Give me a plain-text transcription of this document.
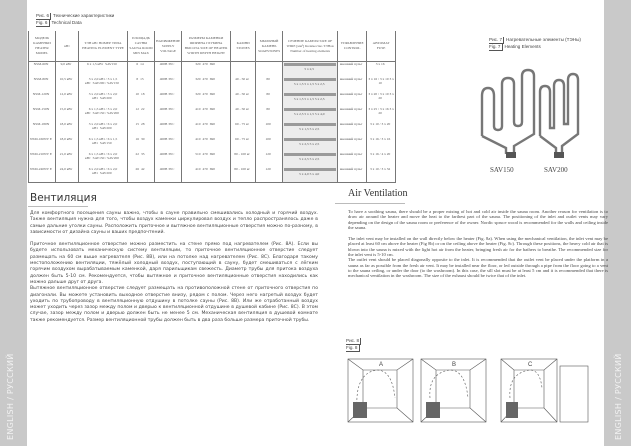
ENGLISH / РУССКИЙ	ENGLISH / РУССКИЙ
Рис. 6 Технические характеристики
Fig. 6 Technical Data
МОДЕЛЬ КАМЕНКИ HEATER MODEL	кВт	ТЭН кВт НОМЕР ТИПА HEATING ELEMENT TYPE	ПЛОЩАДЬ САУНЫ SAUNA ROOM MIN MAX	НАПРЯЖЕНИЕ SUPPLY VOLTAGE	РАЗМЕРЫ КАМЕНКИ ШИРИНА ГЛУБИНА ВЫСОТА SIZE OF HEATER WIDTH DEPTH HEIGHT	КАМНИ STONES	МЫЛЬНЫЙ КАМЕНЬ SOAPSTONES	СЕЧЕНИЕ КАБЕЛЯ SIZE OF WIRE [мм²] Количество ТЭНов Number of heating elements	УПРАВЛЕНИЕ CONTROL	АВТОМАТ FUSE
NSM-60N	9,0 кВт	6 x 1,5 кВт SAV150	6 14	400B 3N~	320 470 690			5 x 2,5	внешний пульт	3 x 16
NSM-80N	10,5 кВт	3 x 2,0 кВт / 3 x 1,5 кВт SAV200 / SAV150	8 15	400B 3N~	320 470 690	40 - 50 кг	80	5 x 1,5 5 x 1,5 5 x 2,5	внешний пульт	3 x 16 / 3 x 10 3 x 10
NSM-120N	12,0 кВт	3 x 2,0 кВт / 3 x 2,0 кВт SAV200	10 18	400B 3N~	320 470 690	40 - 50 кг	80	5 x 1,5 5 x 1,5 5 x 2,5	внешний пульт	3 x 20 / 3 x 10 3 x 20
NSM-150N	15,0 кВт	6 x 1,5 кВт / 3 x 2,0 кВт SAV150 / SAV200	12 22	400B 3N~	410 470 690	40 - 50 кг	80	5 x 2,5 5 x 1,5 5 x 4,0	внешний пульт	3 x 25 / 3 x 16 3 x 20
NSM-180N	18,0 кВт	3 x 2,0 кВт / 6 x 2,0 кВт SAV200	15 28	400B 3N~	410 470 690	60 - 75 кг	100	5 x 1,5 5 x 2,5	внешний пульт	3 x 10 / 3 x 20
NSM-160NV E	18,0 кВт	6 x 1,5 кВт / 6 x 1,5 кВт SAV150	16 30	400B 3N~	410 470 690	60 - 75 кг	100	5 x 2,5 5 x 2,5	внешний пульт	3 x 16 / 3 x 16
NSM-210NV E	21,0 кВт	6 x 1,5 кВт / 6 x 2,0 кВт SAV150 / SAV200	22 35	400B 3N~	510 470 690	80 - 100 кг	120	5 x 2,5 5 x 2,5	внешний пульт	3 x 16 / 4 x 20
NSM-240NV E	24,0 кВт	6 x 2,0 кВт / 6 x 2,0 кВт SAV200	26 42	400B 3N~	410 470 690	80 - 100 кг	120	5 x 4,0 5 x 4,0	внешний пульт	3 x 10 / 3 x 32
Рис. 7 Нагревательные элементы (ТЭНы)
Fig. 7 Heating Elements
SAV150	SAV200
Вентиляция

Для комфортного посещения сауны важно, чтобы в сауне правильно смешивались холодный и горячий воздух. Также вентиляция нужна для того, чтобы воздух каменки циркулировал воздух и тепло распространялось даже в самые дальние уголки сауны. Расположить приточное и вытяжное вентиляционные отверстия можно по-разному, в зависимости от дизайна сауны и ваших предпочтений.

Приточное вентиляционное отверстие можно разместить на стене прямо под нагревателем (Рис. 8А). Если вы будете использовать механическую систему вентиляции, то приточное вентиляционное отверстие следует размещать на 60 см выше нагревателя (Рис. 8В), или на потолке над нагревателем (Рис. 8С). Благодаря такому местоположению вентиляции, тяжёлый холодный воздух, поступающий в сауну, будет смешиваться с лёгким горячим воздухом вырабатываемым каменкой, даря парильщикам свежесть. Диаметр трубы для притока воздуха должен быть 5-10 см. Рекомендуется, чтобы вытяжное и приточное вентиляционные отверстия находились как можно дальше друг от друга.

Вытяжное вентиляционное отверстие следует размещать на противоположной стене от приточного отверстия по диагонали. Вы можете установить выходное отверстие внизу, рядом с полом. Через него нагретый воздух будет уходить по трубопроводу в вентиляционную отдушину в потолке сауны (Рис. 8В). Или же отработанный воздух может уходить через зазор между полом и дверью к вентиляционной отдушине в душевой кабине (Рис. 8С). В этом случае, зазор между полом и дверью должен быть не менее 5 см. Механическая вентиляция в душевой комнате также рекомендуется. Размер вентиляционной трубы должен быть в два раза больше размера приточной трубы.

Air Ventilation

To have a soothing sauna, there should be a proper mixing of hot and cold air inside the sauna room. Another reason for ventilation is to draw air around the heater and move the heat to the farthest part of the sauna. The positioning of the inlet and outlet vents may vary depending on the design of the sauna room or preference of the owner. Nordic spruce wood is recommended for the walls and ceiling inside the sauna.

The inlet vent may be installed on the wall directly below the heater (Fig. 8a). When using the mechanical ventilation, the inlet vent may be placed at least 60 cm above the heater (Fig 8b) or on the ceiling above the heater (Fig. 8c). Through these positions, the heavy cold air that is blown into the sauna is mixed with the light hot air from the heater, bringing fresh air for the bathers to breathe. The recommended size for the inlet vent is 5-10 cm.

The outlet vent should be placed diagonally opposite to the inlet. It is recommended that the outlet vent be placed under the platform in a sauna as far as possible from the fresh air vent. It may be installed near the floor, or led outside through a pipe from the floor going to a vent to the sauna ceiling, or under the door (to the washroom). In this case, the sill slot must be at least 5 cm and it is recommended that there is mechanical ventilation in the washroom. The size of the exhaust should be twice that of the inlet.

Рис. 8
Fig. 8
A	B	C
